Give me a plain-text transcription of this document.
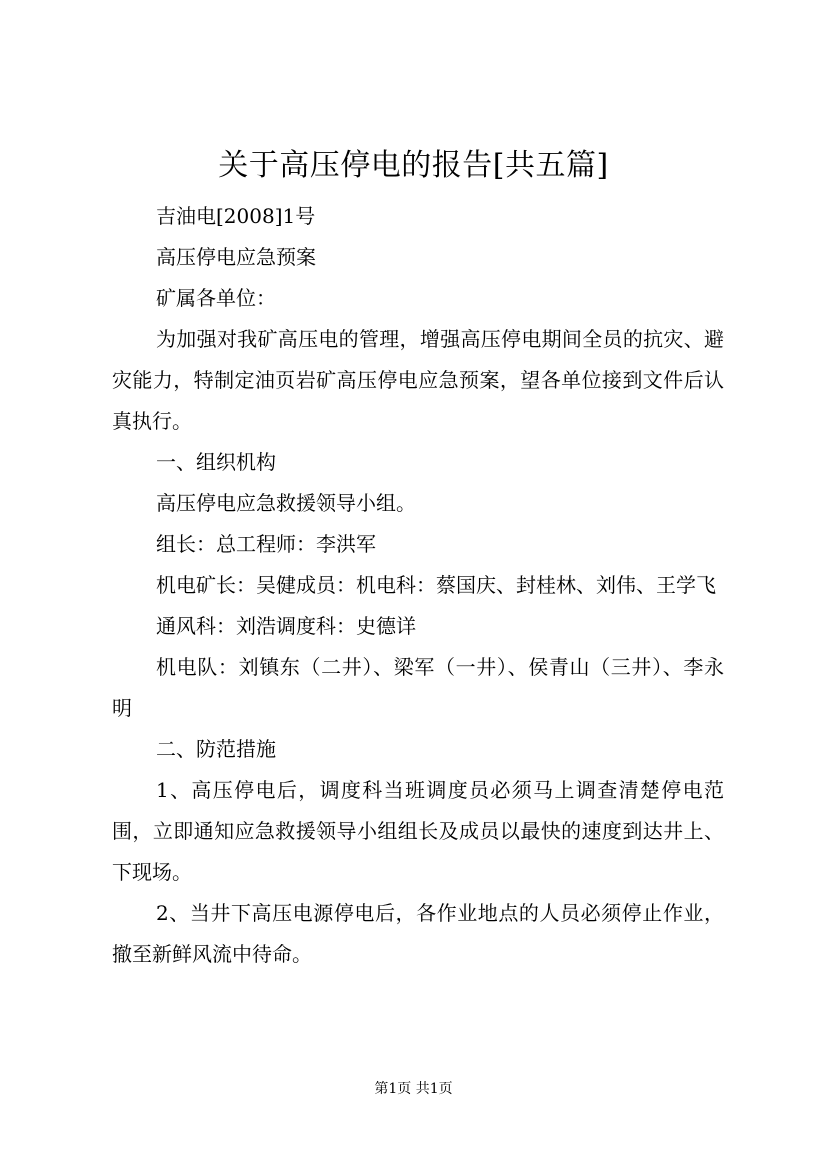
关于高压停电的报告[共五篇]

吉油电[2008]1号

高压停电应急预案

矿属各单位：

为加强对我矿高压电的管理，增强高压停电期间全员的抗灾、避灾能力，特制定油页岩矿高压停电应急预案，望各单位接到文件后认真执行。

一、组织机构

高压停电应急救援领导小组。

组长：总工程师：李洪军

机电矿长：吴健成员：机电科：蔡国庆、封桂林、刘伟、王学飞

通风科：刘浩调度科：史德详

机电队：刘镇东（二井）、梁军（一井）、侯青山（三井）、李永明

二、防范措施

1、高压停电后，调度科当班调度员必须马上调查清楚停电范围，立即通知应急救援领导小组组长及成员以最快的速度到达井上、下现场。

2、当井下高压电源停电后，各作业地点的人员必须停止作业，撤至新鲜风流中待命。

第1页 共1页
